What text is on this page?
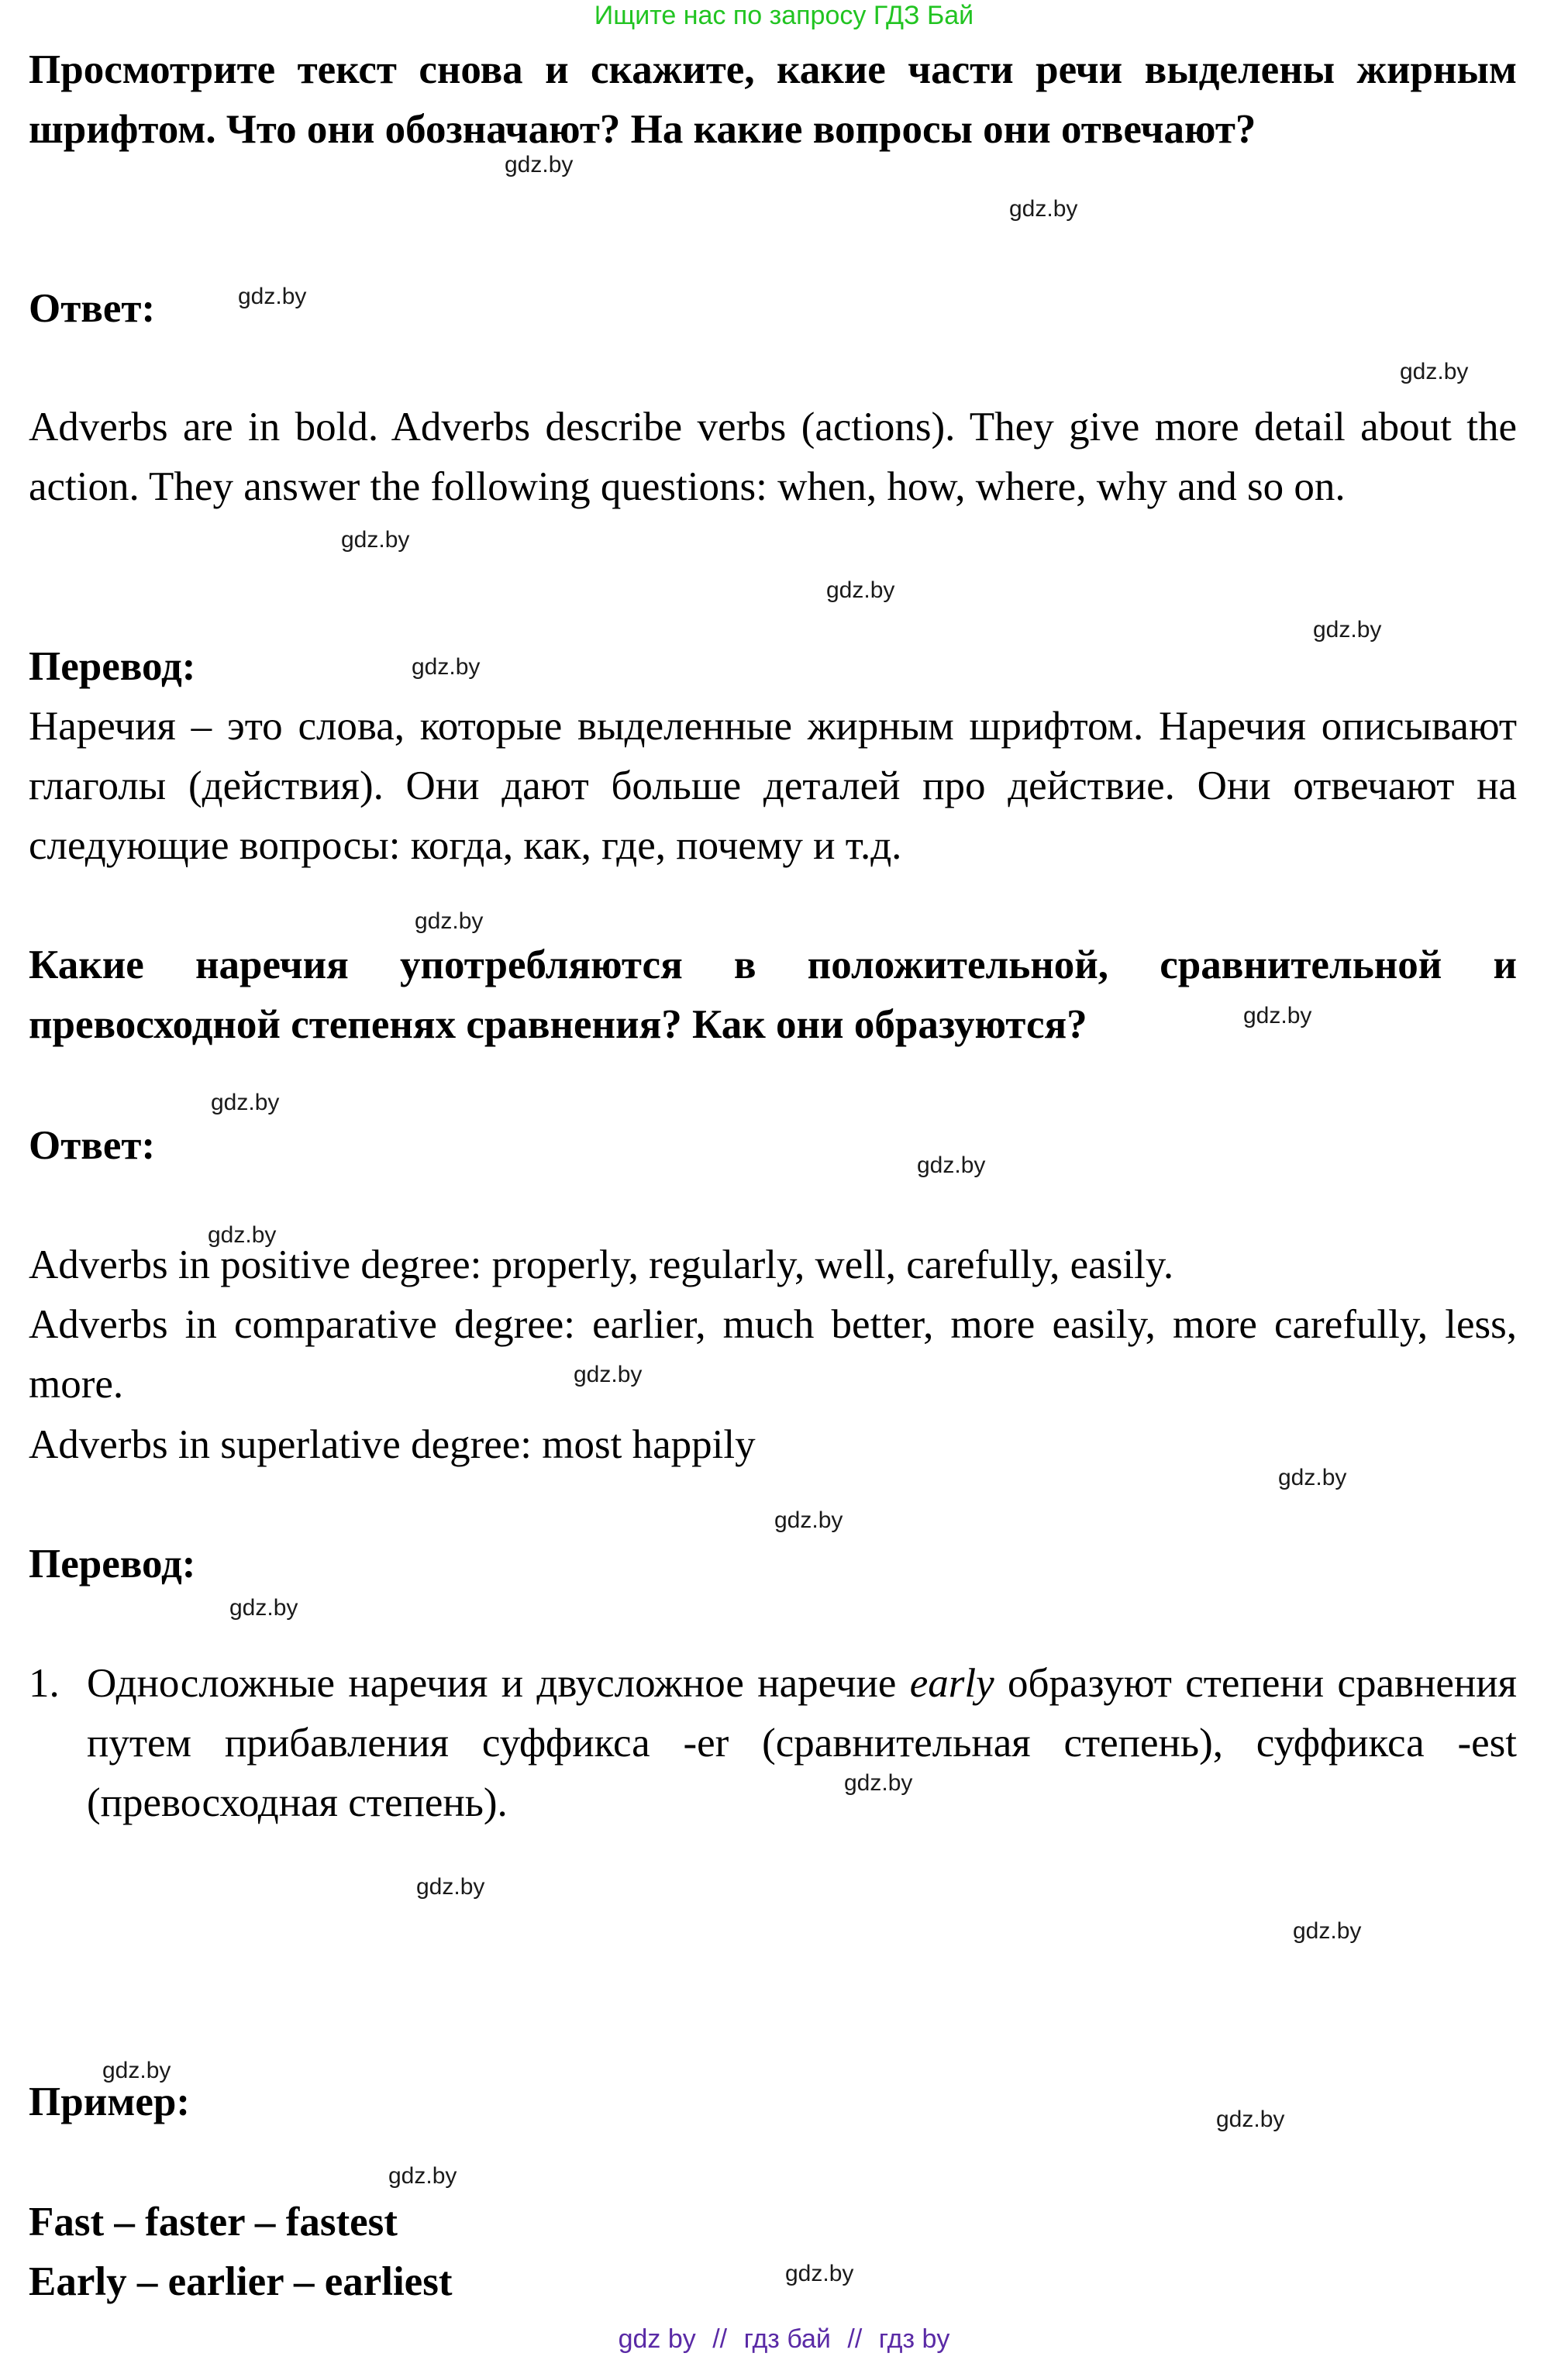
Ищите нас по запросу ГДЗ Бай

Просмотрите текст снова и скажите, какие части речи выделены жирным шрифтом. Что они обозначают? На какие вопросы они отвечают?

Ответ:

Adverbs are in bold. Adverbs describe verbs (actions). They give more detail about the action. They answer the following questions: when, how, where, why and so on.

Перевод:

Наречия – это слова, которые выделенные жирным шрифтом. Наречия описывают глаголы (действия). Они дают больше деталей про действие. Они отвечают на следующие вопросы: когда, как, где, почему и т.д.

Какие наречия употребляются в положительной, сравнительной и превосходной степенях сравнения? Как они образуются?

Ответ:

Adverbs in positive degree: properly, regularly, well, carefully, easily.

Adverbs in comparative degree: earlier, much better, more easily, more carefully, less, more.

Adverbs in superlative degree: most happily

Перевод:

1. Односложные наречия и двусложное наречие early образуют степени сравнения путем прибавления суффикса -er (сравнительная степень), суффикса -est (превосходная степень).

Пример:

Fast – faster – fastest

Early – earlier – earliest

gdz.by
gdz.by
gdz.by
gdz.by
gdz.by
gdz.by
gdz.by
gdz.by
gdz.by
gdz.by
gdz.by
gdz.by
gdz.by
gdz.by
gdz.by
gdz.by
gdz.by
gdz.by
gdz.by
gdz.by
gdz.by
gdz.by
gdz.by
gdz.by
gdz by // гдз бай // гдз by
